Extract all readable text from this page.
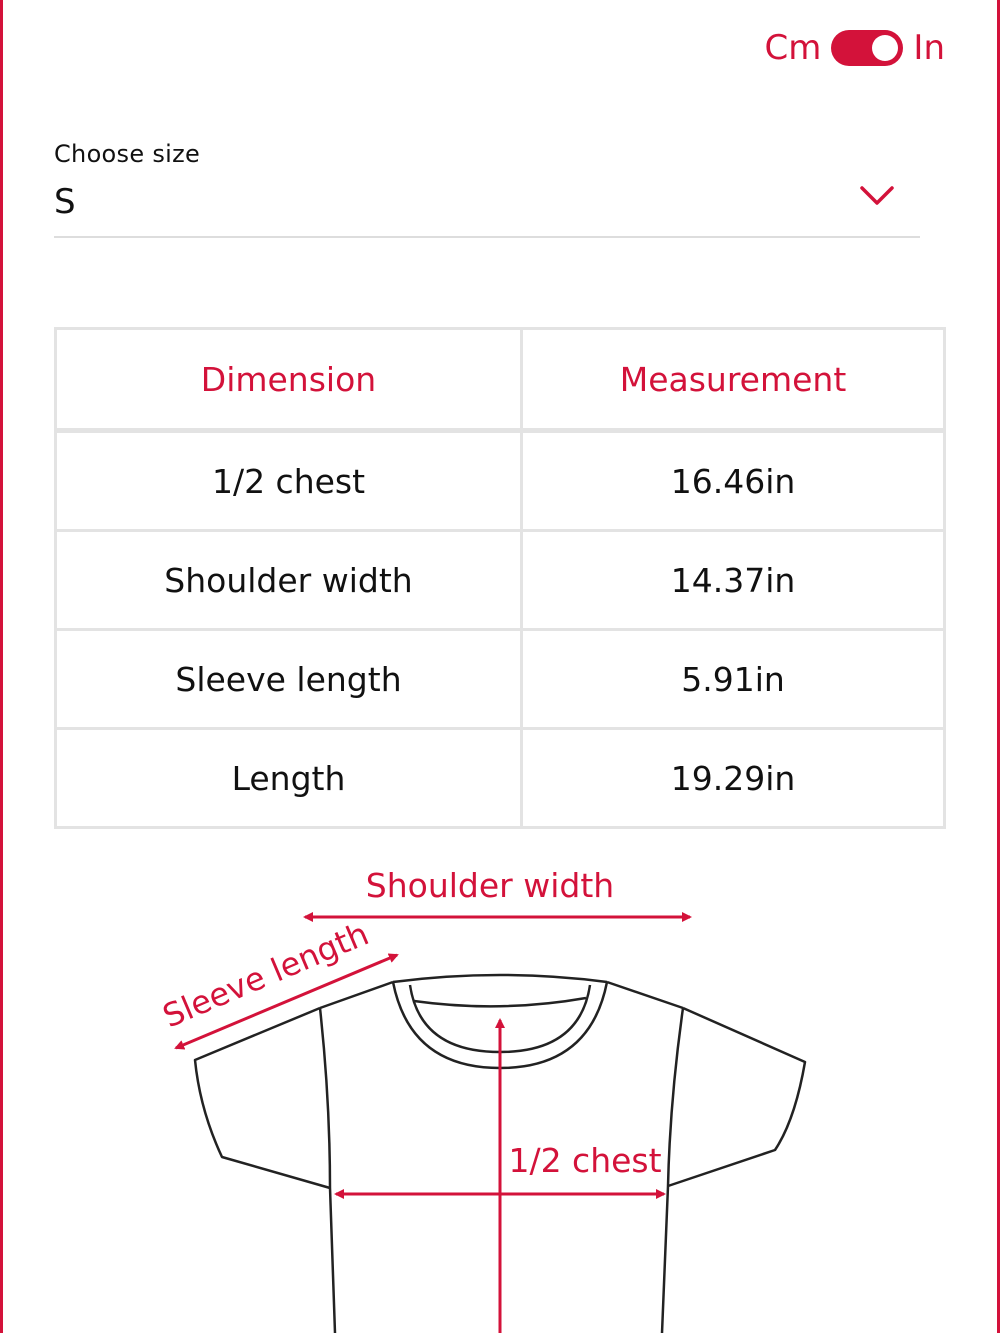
Cm	In
Choose size
S
Dimension	Measurement
1/2 chest	16.46in
Shoulder width	14.37in
Sleeve length	5.91in
Length	19.29in
Shoulder width
Sleeve length
1/2 chest
